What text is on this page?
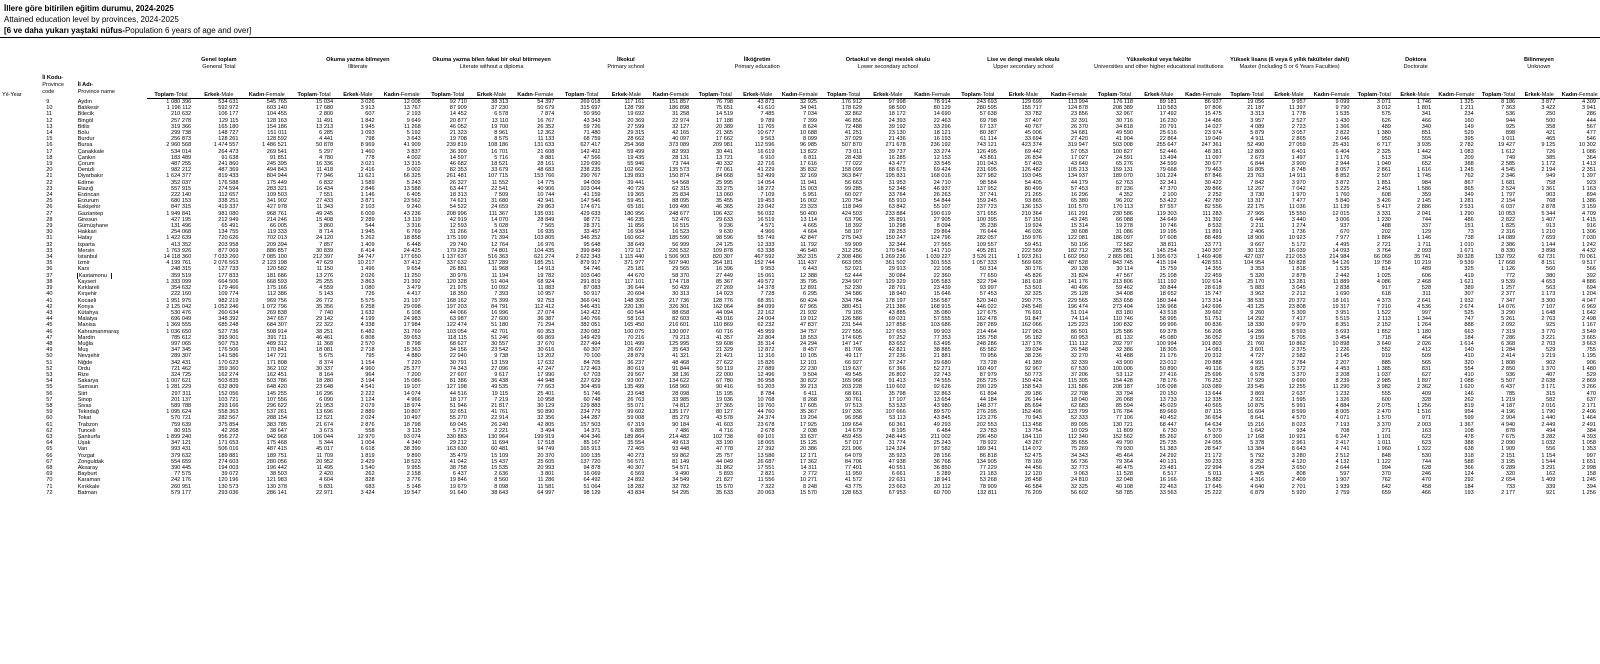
İllere göre bitirilen eğitim durumu, 2024-2025
Attained education level by provinces, 2024-2025
[6 ve daha yukarı yaştaki nüfus-Population 6 years of age and over]
Yıl-Year	İl Kodu-
Province code	İl Adı-
Province name	Genel toplam
General Total			Okuma yazma bilmeyen
Illiterate			Okuma yazma bilen fakat bir okul bitirmeyen
Literate without a diploma			İlkokul
Primary school			İlköğretim
Primary education			Ortaokul ve dengi meslek okulu
Lower secondary school			Lise ve dengi meslek okulu
Upper secondary school			Yüksekokul veya fakülte
Universities and other higher educational institutions			Yüksek lisans (6 veya 6 yıllık fakülteler dahil)
Master (Including 5 or 6 Years Faculties)			Doktora
Doctorate			Bilinmeyen
Unknown		

			Toplam-Total	Erkek-Male	Kadın-Female	Toplam-Total	Erkek-Male	Kadın-Female	Toplam-Total	Erkek-Male	Kadın-Female	Toplam-Total	Erkek-Male	Kadın-Female	Toplam-Total	Erkek-Male	Kadın-Female	Toplam-Total	Erkek-Male	Kadın-Female	Toplam-Total	Erkek-Male	Kadın-Female	Toplam-Total	Erkek-Male	Kadın-Female	Toplam-Total	Erkek-Male	Kadın-Female	Toplam-Total	Erkek-Male	Kadın-Female	Toplam-Total	Erkek-Male	Kadın-Female
	9	Aydın	1 080 396	534 631	545 765	15 034	3 026	12 008	92 710	38 313	54 397	269 018	117 161	151 857	76 798	43 873	32 925	176 912	97 998	78 914	243 693	129 699	113 994	176 118	89 181	86 937	19 056	9 957	9 099	3 071	1 746	1 325	8 186	3 877	4 309
	10	Balıkesir	1 196 112	592 972	603 140	17 680	3 913	13 767	87 909	37 230	50 679	315 697	128 799	186 898	75 651	41 610	34 041	178 629	98 500	80 129	280 595	155 717	124 878	208 389	110 583	97 806	21 187	11 397	9 790	3 012	1 801	1 211	7 363	3 422	3 941
	11	Bilecik	210 632	106 177	104 455	2 800	607	2 193	14 452	6 578	7 874	50 950	19 692	31 258	14 519	7 485	7 034	32 862	18 172	14 690	57 638	33 782	23 856	32 967	17 492	15 475	3 313	1 778	1 535	575	341	234	536	250	286
	12	Bingöl	257 278	129 115	128 163	11 491	1 842	9 649	20 877	13 110	16 767	43 343	20 369	22 974	17 188	9 789	7 399	46 856	24 393	22 463	69 798	37 407	32 391	30 716	16 230	14 486	3 957	2 527	1 430	626	466	160	944	500	444
	13	Bitlis	319 366	165 180	154 186	13 213	1 945	11 268	46 052	19 700	26 352	59 726	27 599	32 127	20 389	11 765	8 624	72 488	39 192	33 296	67 137	40 767	26 370	34 818	20 791	14 027	4 089	2 723	1 366	489	340	149	925	358	567
	14	Bolu	299 738	148 727	151 011	6 285	1 093	5 192	21 323	8 961	12 362	71 480	29 315	42 165	21 365	10 677	10 688	41 251	23 130	18 121	80 387	45 006	34 681	49 590	25 616	23 974	5 879	3 057	2 822	1 380	851	529	898	421	477
	15	Burdur	256 873	128 261	128 592	4 441	798	3 643	19 708	8 575	11 133	68 759	28 662	40 097	17 662	9 563	8 099	37 029	21 436	16 193	61 114	33 694	27 420	41 904	22 864	19 040	4 911	2 865	2 046	950	555	395	1 011	465	546
	16	Bursa	2 960 568	1 474 557	1 486 521	50 878	8 969	41 909	239 819	108 186	131 633	627 417	254 368	373 089	209 981	112 596	96 985	507 870	271 678	236 192	743 121	423 374	319 947	503 008	255 647	247 361	52 490	27 059	25 431	6 717	3 935	2 782	19 427	9 125	10 302
	17	Çanakkale	534 014	264 473	269 541	5 297	1 460	3 837	36 309	16 701	21 608	142 492	59 499	82 993	30 441	16 619	13 822	73 011	39 737	33 274	126 495	69 442	57 053	100 827	52 446	48 381	12 809	6 401	6 404	2 325	1 442	1 083	1 612	726	1 086
	18	Çankırı	183 489	91 638	91 851	4 780	778	4 002	14 597	5 716	8 881	47 566	19 435	28 131	13 721	6 910	6 811	28 438	16 285	12 153	43 861	26 834	17 027	24 591	13 494	11 097	2 673	1 497	1 176	513	304	209	749	385	364
	19	Çorum	487 255	241 860	245 395	16 336	3 021	13 315	46 682	18 521	28 161	129 690	55 946	73 744	40 332	22 716	17 616	77 022	43 477	33 545	101 043	57 403	43 640	65 276	34 599	30 677	6 844	3 900	2 944	1 040	652	388	2 585	1 172	1 413
	20	Denizli	982 212	487 369	494 843	11 418	2 416	9 002	82 353	33 679	48 683	238 235	102 662	135 573	77 061	41 229	35 832	158 099	88 675	69 424	231 695	126 482	105 213	159 131	79 668	79 463	16 805	8 748	8 057	2 861	1 616	1 245	4 545	2 194	2 351
	21	Diyarbakır	1 624 377	819 433	804 944	77 946	11 621	66 325	261 481	107 715	153 766	290 767	139 893	150 874	84 668	52 499	32 169	363 847	195 831	168 016	327 982	193 045	134 937	189 070	101 224	87 846	23 763	14 911	8 852	2 507	1 745	762	2 346	949	1 397
	22	Edirne	352 037	176 588	175 449	6 832	1 589	5 243	26 327	11 552	14 775	94 009	39 441	54 568	25 995	14 054	11 941	56 663	31 953	24 710	98 584	54 405	44 179	62 763	32 341	30 422	7 842	3 970	3 872	1 851	984	867	1 681	758	923
	23	Elazığ	557 915	274 594	283 321	16 434	2 846	13 588	63 447	22 541	40 906	103 044	40 729	62 315	33 275	18 272	15 003	99 285	52 348	46 937	137 952	80 499	57 453	87 236	47 370	39 866	12 267	7 042	5 225	2 451	1 586	865	2 524	1 361	1 163
	24	Erzincan	222 140	112 657	109 503	7 551	1 146	6 405	18 313	7 509	10 744	41 159	19 365	25 834	13 060	7 109	5 951	60 027	33 764	26 263	37 741	21 265	16 296	4 352	2 100	2 252	3 730	1 970	1 760	608	359	349	1 797	903	894
	25	Erzurum	680 153	338 251	341 902	27 433	3 871	23 562	74 621	31 680	42 941	147 546	59 451	88 095	35 455	19 453	16 002	120 754	65 910	54 844	159 245	93 865	65 380	96 202	53 422	42 780	13 317	7 477	5 840	3 426	2 145	1 281	2 154	768	1 386
	26	Eskişehir	847 315	419 337	427 978	11 343	2 103	9 240	54 522	24 659	29 863	174 671	65 181	109 490	46 365	23 042	23 323	118 949	63 842	55 107	237 723	136 153	101 570	170 113	87 557	82 556	22 175	11 036	11 139	5 417	2 886	2 531	6 037	2 878	3 159
	27	Gaziantep	1 949 841	981 080	968 761	49 245	6 009	43 236	208 996	111 367	135 031	429 633	180 956	248 677	106 432	56 032	50 400	424 503	233 884	190 619	371 655	210 364	161 291	230 586	119 303	111 283	27 965	15 550	12 015	3 331	2 041	1 290	10 053	5 344	4 709
	28	Giresun	427 195	212 949	214 246	15 408	2 289	13 119	42 919	14 070	28 849	98 771	46 235	52 476	29 633	16 519	13 114	63 796	35 891	27 905	100 395	57 150	43 245	66 088	34 649	31 392	6 446	3 440	3 006	1 230	744	486	2 822	1 407	1 415
	29	Gümüşhane	131 496	65 491	66 005	3 860	544	3 316	12 593	5 028	7 565	28 371	11 856	16 515	9 236	4 571	4 665	18 392	10 298	8 094	35 238	19 924	15 314	19 278	10 746	8 532	2 211	1 274	937	488	337	151	1 825	913	916
	30	Hakkari	254 068	134 755	119 333	8 714	1 945	6 769	31 266	14 331	16 935	33 457	16 934	16 523	9 630	4 966	4 664	58 197	28 253	29 864	76 644	46 036	30 608	31 086	19 195	11 891	2 406	1 736	670	202	129	73	2 316	1 210	1 306
	31	Hatay	1 422 639	720 626	702 013	24 120	5 262	18 858	175 199	71 394	103 805	346 252	160 662	185 590	98 596	55 749	42 847	275 043	150 247	124 796	282 057	159 976	122 081	186 097	97 608	88 489	18 900	10 923	7 977	1 884	1 146	738	14 089	7 659	7 030
	32	Isparta	413 352	203 958	209 394	7 857	1 409	6 448	29 740	12 764	16 976	95 648	38 649	56 999	24 125	12 333	11 792	59 909	32 344	27 565	109 557	59 451	50 106	72 582	38 811	33 771	9 667	5 172	4 495	2 721	1 711	1 010	2 386	1 144	1 242
	33	Mersin	1 763 926	877 069	886 857	30 839	6 414	24 425	179 236	74 801	104 435	399 849	172 117	226 532	109 878	63 338	46 540	312 256	170 546	141 710	405 281	222 569	182 712	285 561	145 254	140 307	30 132	16 039	14 093	3 764	2 093	1 671	8 330	3 898	4 432
	34	İstanbul	14 118 360	7 033 260	7 085 100	212 397	34 747	177 650	1 137 637	516 363	621 274	2 622 343	1 115 440	1 506 903	820 307	467 592	352 315	2 308 486	1 269 236	1 039 227	3 526 211	1 923 261	1 602 950	2 865 081	1 395 673	1 469 408	427 037	212 053	214 984	66 069	35 741	30 328	132 792	62 731	70 061
	35	İzmir	4 199 761	2 076 563	2 123 198	47 629	10 217	37 412	337 632	137 289	185 251	879 917	371 977	507 940	264 181	152 744	111 437	663 055	361 502	301 553	1 057 333	569 665	487 528	843 745	415 194	428 551	104 954	50 828	54 126	19 758	10 219	9 539	17 668	8 151	9 517
	36	Kars	248 315	127 733	120 582	11 150	1 496	9 654	26 881	11 968	14 913	54 746	25 181	29 565	16 396	9 953	6 443	52 021	29 913	22 108	50 314	30 176	20 138	30 114	15 759	14 355	3 353	1 818	1 535	814	489	325	1 126	560	566
	37	Kastamonu	359 519	177 833	181 686	13 276	2 026	11 250	30 976	11 194	19 782	103 040	44 670	58 370	27 449	15 061	12 388	52 444	30 084	22 360	77 650	45 826	31 824	47 567	25 108	22 459	5 320	2 878	2 442	1 025	606	419	772	380	392
	38	Kayseri	1 333 099	664 506	668 593	25 255	3 863	21 392	120 328	51 404	68 924	291 819	117 101	174 718	85 367	49 572	35 795	234 907	129 329	105 583	322 794	181 618	141 176	213 806	111 192	102 614	25 170	13 281	11 889	4 086	2 468	1 621	9 539	4 653	4 886
	39	Kırklareli	354 632	179 466	175 166	4 559	1 080	3 479	21 975	10 092	11 883	87 083	36 644	50 439	27 269	14 378	12 891	52 230	28 791	23 439	93 997	53 501	40 496	59 462	30 844	28 618	5 883	3 045	2 838	917	528	389	1 257	563	694
	40	Kırşehir	222 160	109 774	112 386	5 143	726	4 417	18 350	7 393	10 957	50 917	20 604	30 313	14 023	7 728	6 295	34 586	18 940	15 646	57 453	32 325	25 128	34 408	18 652	15 747	3 962	2 212	1 690	618	311	307	2 377	1 173	1 204
	41	Kocaeli	1 951 975	982 219	969 756	26 772	5 575	21 197	168 162	75 399	92 753	366 041	148 305	217 736	128 776	68 351	60 424	334 784	178 197	156 587	520 340	290 775	229 565	353 658	180 344	173 314	38 533	20 372	18 161	4 373	2 641	1 932	7 347	3 300	4 047
	42	Konya	2 125 042	1 052 246	1 072 796	35 356	6 258	29 098	197 203	84 791	112 412	546 431	220 130	326 301	162 064	84 099	67 965	380 451	211 386	168 915	446 022	245 548	196 474	273 404	136 968	142 696	43 125	23 808	19 317	7 210	4 536	2 674	14 076	7 107	6 969
	43	Kütahya	530 476	260 634	269 838	7 740	1 632	6 108	44 066	16 996	27 074	142 422	60 544	88 658	44 094	22 162	21 932	79 165	43 885	35 080	127 675	76 691	51 014	83 180	43 518	39 662	9 260	5 309	3 951	1 522	997	525	3 290	1 648	1 642
	44	Malatya	696 049	348 392	347 657	29 142	4 199	24 983	63 987	27 600	36 387	140 766	58 163	82 603	43 016	24 004	19 012	126 586	69 031	57 555	162 478	91 847	74 114	110 746	58 995	51 751	14 292	7 417	5 515	2 113	1 344	747	5 261	2 763	2 498
	45	Manisa	1 369 555	685 248	684 307	22 322	4 338	17 984	122 474	51 180	71 294	382 051	165 450	216 601	110 869	62 232	47 837	231 544	127 858	103 686	287 289	162 066	125 223	190 832	99 996	90 836	18 330	9 979	8 351	2 152	1 264	888	2 092	925	1 167
	46	Kahramanmaraş	1 036 650	527 736	508 914	38 251	6 482	31 769	103 054	42 701	60 353	230 082	100 075	130 007	60 716	45 959	34 757	227 556	127 653	99 903	214 464	127 963	86 501	125 586	69 378	56 208	14 286	8 593	5 693	1 852	1 180	663	7 319	3 770	3 549
	47	Mardin	785 612	393 901	391 711	46 461	6 808	39 653	118 115	51 246	66 869	149 429	70 216	79 213	41 357	22 804	18 553	174 605	97 252	77 353	155 758	95 182	60 953	81 132	45 080	36 052	9 159	5 705	3 454	718	464	184	7 286	3 221	3 665
	48	Muğla	997 065	507 753	489 312	11 368	2 570	8 798	68 627	30 557	37 670	227 494	101 499	125 995	59 608	35 314	24 294	147 147	83 652	63 495	248 286	137 176	111 112	202 797	100 994	101 803	21 760	10 862	10 898	3 640	2 026	1 614	6 368	2 703	3 663
	49	Muş	347 345	176 506	170 841	18 081	2 718	15 363	34 156	23 542	30 616	60 307	26 697	35 643	21 329	12 872	8 457	81 706	42 821	38 885	65 582	39 034	26 548	32 386	18 305	14 081	3 601	2 375	1 226	552	412	140	1 284	529	755
	50	Nevşehir	289 307	141 586	147 721	5 675	795	4 880	22 940	9 738	13 202	70 100	28 879	41 321	21 421	11 316	10 105	49 117	27 236	21 881	70 956	38 236	32 270	41 488	21 176	20 312	4 727	2 582	2 145	919	509	410	2 414	1 219	1 195
	51	Niğde	342 431	170 623	171 808	8 374	1 154	7 220	30 791	13 159	17 632	84 705	36 237	48 468	27 622	15 826	12 101	66 927	37 247	29 680	73 728	41 389	32 339	43 900	23 012	20 888	4 991	2 784	2 207	885	565	320	1 808	902	906
	52	Ordu	721 462	359 360	362 102	30 337	4 960	25 377	74 343	27 096	47 247	172 463	80 619	91 844	50 119	27 889	22 230	119 637	67 366	52 271	160 497	92 967	67 530	100 006	50 890	49 116	9 825	5 372	4 453	1 385	831	554	2 850	1 370	1 480
	53	Rize	324 725	162 274	162 451	8 164	964	7 200	27 607	9 617	17 990	67 703	29 567	38 136	22 000	12 496	9 504	49 545	26 802	22 743	87 979	50 773	37 206	53 112	27 416	25 696	6 578	3 370	3 208	1 037	627	410	936	407	529
	54	Sakarya	1 007 621	503 835	503 786	18 280	3 194	15 086	81 386	36 438	44 948	227 629	93 007	134 622	67 780	36 958	30 822	165 968	91 413	74 555	265 725	150 424	115 305	154 428	78 176	76 252	17 929	9 690	8 239	2 985	1 897	1 088	5 507	2 638	2 869
	55	Samsun	1 281 229	632 809	648 420	23 648	4 541	19 107	127 198	49 535	77 663	304 459	135 499	168 960	90 416	51 203	39 213	203 228	110 602	92 626	290 129	158 543	131 586	208 187	105 098	103 089	23 545	12 255	11 290	3 982	2 362	1 620	6 437	3 171	3 266
	56	Siirt	297 311	152 056	145 255	16 296	2 222	14 074	44 516	19 115	25 401	51 746	23 648	28 098	15 195	8 784	6 411	68 661	35 798	32 863	61 894	39 186	22 708	33 794	20 150	13 644	3 869	2 637	1 232	555	409	146	785	315	470
	57	Sinop	201 137	103 721	107 556	6 090	1 124	4 966	18 177	7 219	10 958	60 748	26 763	33 985	19 036	10 768	8 268	30 761	17 107	13 654	44 184	26 144	18 040	26 068	13 733	12 335	2 921	1 595	1 326	600	328	262	1 219	582	637
	58	Sivas	589 788	293 166	296 622	21 953	2 079	18 974	51 946	21 817	30 129	129 883	55 071	74 812	37 365	19 760	17 605	97 513	53 533	43 980	148 377	85 694	62 683	85 594	45 029	40 565	10 875	5 991	4 884	2 075	1 256	819	4 187	2 016	2 171
	59	Tekirdağ	1 095 624	558 363	537 261	13 696	2 889	10 807	92 651	41 761	50 890	234 779	99 602	135 177	80 127	44 760	35 367	197 336	107 666	89 570	276 295	152 496	123 799	176 784	89 669	87 115	16 604	8 599	8 005	2 470	1 516	954	4 196	1 790	2 406
	60	Tokat	570 721	282 567	288 154	12 521	2 024	10 497	55 270	22 914	32 356	144 287	59 008	85 279	43 578	24 374	19 204	96 958	53 113	43 845	123 276	70 943	52 333	77 106	40 452	36 654	8 641	4 570	4 071	1 570	971	599	2 904	1 440	1 464
	61	Trabzon	759 639	375 854	383 785	21 674	2 876	18 798	69 045	26 240	42 805	157 503	67 319	90 184	41 603	23 678	17 925	109 654	60 361	49 293	202 553	113 458	89 095	130 721	68 447	64 634	15 216	8 023	7 193	3 370	2 003	1 367	4 940	2 449	2 491
	62	Tunceli	80 915	42 268	38 647	3 673	558	3 115	5 715	2 221	3 494	14 371	6 885	7 486	4 716	2 678	2 038	14 679	8 195	6 484	23 783	13 754	10 029	11 809	6 730	5 079	1 642	934	708	271	163	108	878	494	384
	63	Şanlıurfa	1 899 240	956 272	942 968	106 044	12 970	93 074	330 883	130 964	199 919	404 346	189 864	214 482	102 738	69 101	33 637	459 455	248 443	211 002	296 450	184 110	112 340	152 562	85 262	67 300	17 168	10 921	6 247	1 101	623	478	7 675	3 282	4 393
	64	Uşak	347 121	171 653	175 468	5 344	1 004	4 340	29 212	11 694	17 518	85 167	35 554	49 613	33 190	18 065	15 125	57 017	31 774	25 243	78 922	43 267	35 655	49 790	25 735	24 055	5 378	2 961	2 417	1 011	623	388	2 090	1 032	1 058
	65	Van	993 431	506 016	487 415	45 017	6 618	38 399	163 630	60 481	94 749	165 913	72 465	93 448	47 778	27 392	20 386	221 906	124 324	97 582	189 341	114 072	75 269	79 930	51 383	28 547	13 384	8 643	4 741	1 960	1 322	638	1 909	556	1 353
	66	Yozgat	379 632	189 881	189 751	11 709	1 819	9 890	35 479	15 109	20 370	100 135	40 273	59 862	25 757	13 586	12 171	64 079	35 923	28 156	86 818	52 475	34 343	45 464	24 292	21 172	5 792	3 280	2 512	848	530	318	2 151	1 154	997
	67	Zonguldak	554 659	274 603	280 056	20 952	2 429	18 523	41 042	15 437	25 605	137 720	56 571	81 149	44 049	26 687	17 362	84 706	47 938	36 768	134 905	78 169	56 736	79 364	40 131	39 233	8 252	4 120	4 132	1 122	744	588	3 195	1 544	1 651
	68	Aksaray	390 445	194 003	196 442	11 495	1 540	9 955	38 758	15 535	20 993	94 878	40 307	54 571	31 862	17 551	14 311	77 401	40 551	36 850	77 229	44 456	32 773	46 475	23 481	22 994	6 294	3 650	2 644	994	628	366	6 289	3 291	2 998
	69	Bayburt	77 575	39 072	38 503	2 420	262	2 158	6 437	2 636	3 801	16 069	6 569	9 490	5 893	2 821	2 772	11 950	6 661	5 289	21 183	12 120	9 063	11 528	6 517	5 011	1 405	808	597	370	246	124	320	162	158
	70	Karaman	242 176	120 196	121 983	4 604	828	3 776	19 846	8 560	11 286	64 492	24 892	34 549	21 827	11 556	10 271	41 572	22 631	18 941	53 268	28 458	24 810	32 048	16 166	15 882	4 316	2 409	1 907	762	470	292	2 654	1 409	1 245
	71	Kırıkkale	260 951	130 573	130 378	5 831	683	5 148	19 679	8 098	11 581	51 064	18 282	32 782	15 570	7 322	8 248	43 775	23 663	20 112	78 909	46 584	32 325	40 108	22 463	17 645	4 640	2 701	1 939	642	458	184	733	339	394
	72	Batman	579 177	293 036	286 141	22 971	3 424	19 547	91 640	38 643	64 997	98 129	43 834	54 295	35 633	20 063	15 570	128 653	67 953	60 700	132 811	76 209	56 602	58 785	33 563	25 222	6 879	5 920	2 759	659	466	193	2 177	921	1 256
